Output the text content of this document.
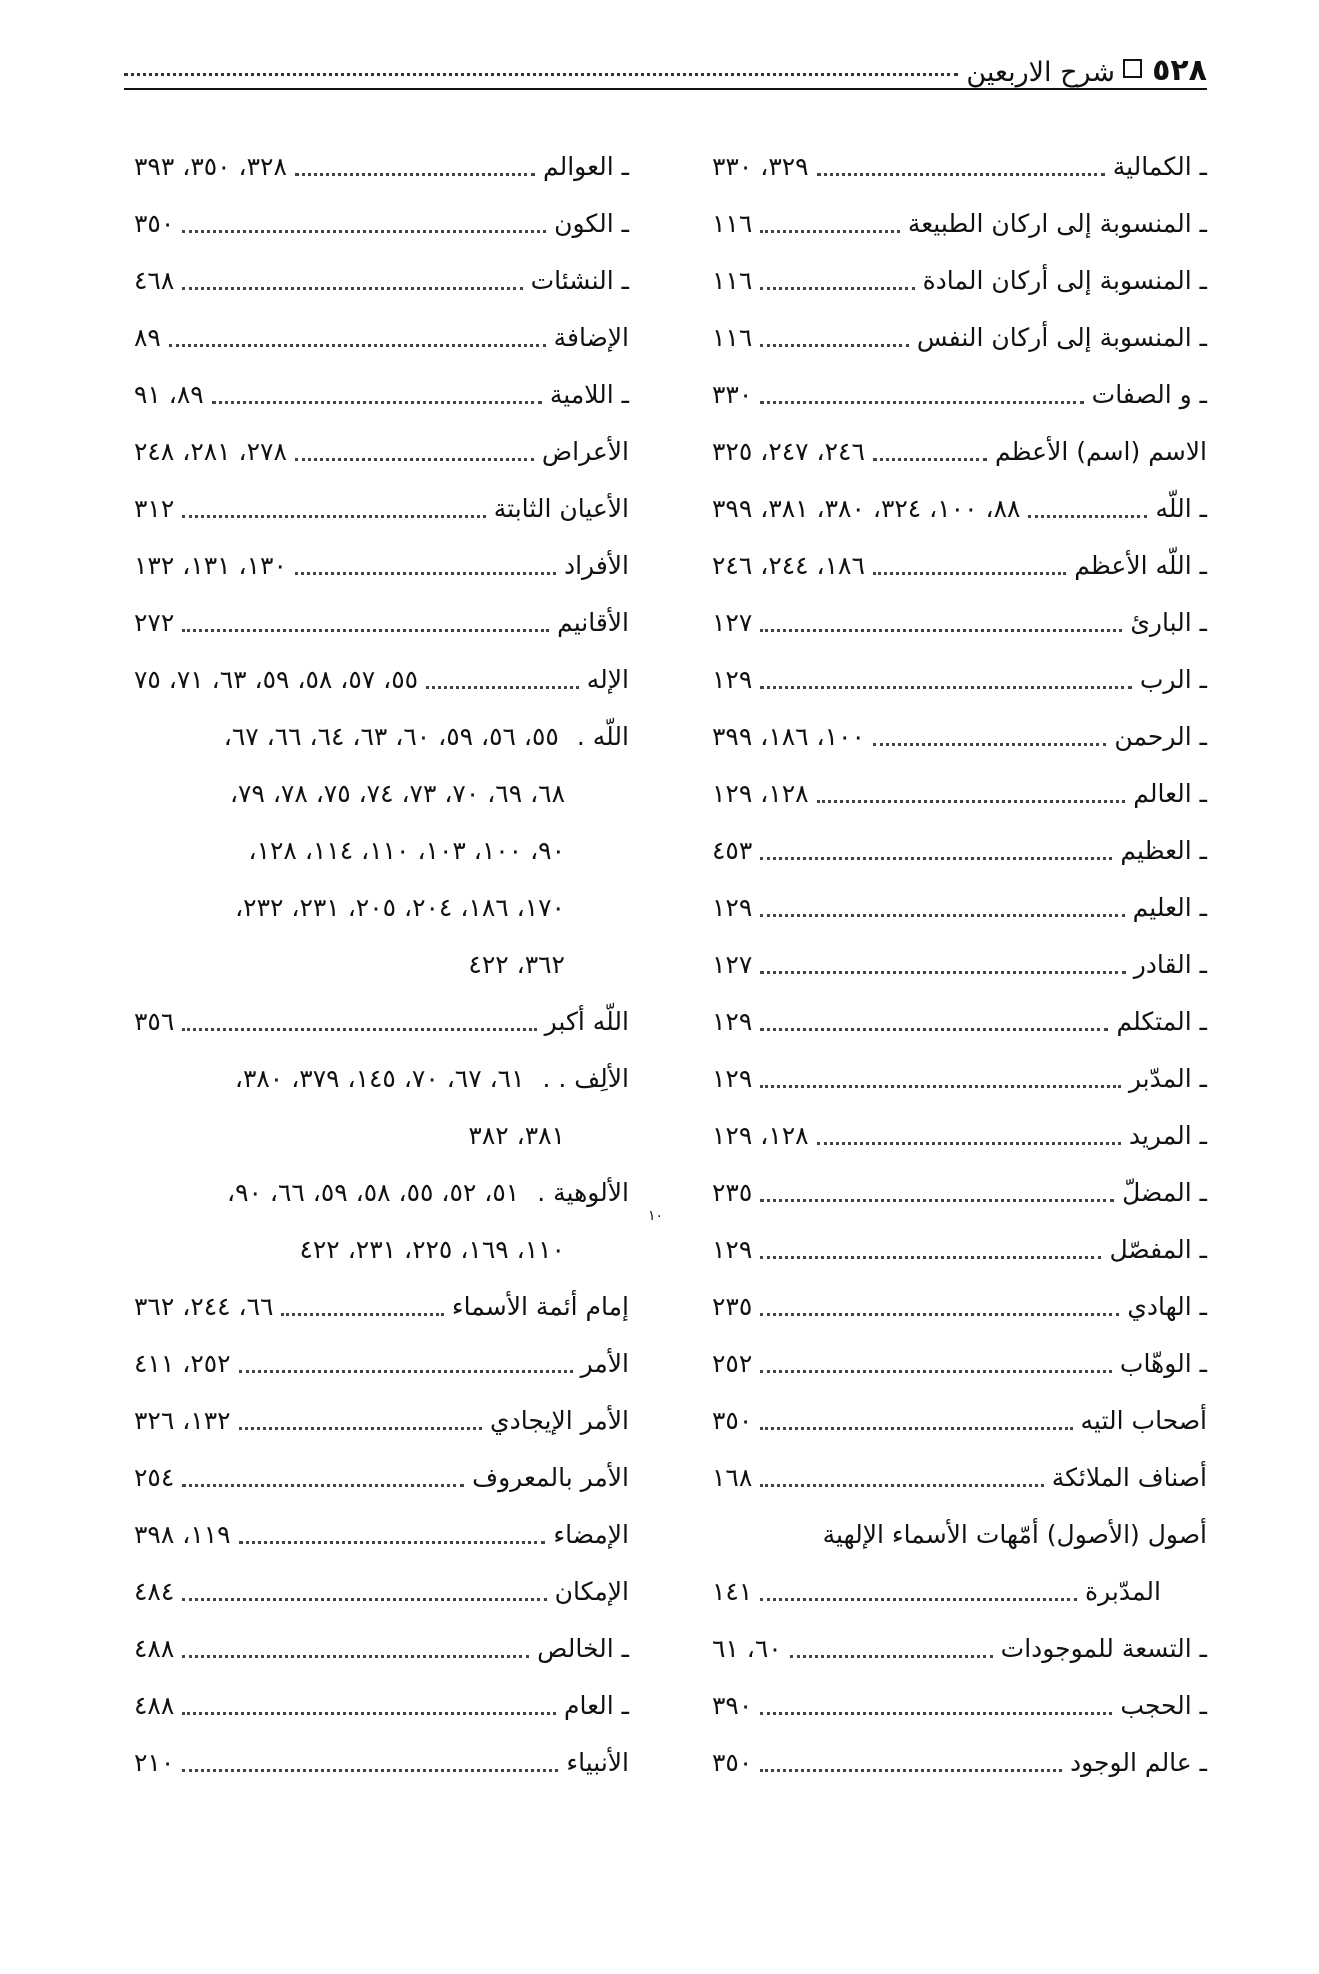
٥٢٨
شرح الاربعين
ـ الكمالية
٣٢٩، ٣٣٠
ـ المنسوبة إلى اركان الطبيعة
١١٦
ـ المنسوبة إلى أركان المادة
١١٦
ـ المنسوبة إلى أركان النفس
١١٦
ـ و الصفات
٣٣٠
الاسم (اسم) الأعظم
٢٤٦، ٢٤٧، ٣٢٥
ـ اللّه
٨٨، ١٠٠، ٣٢٤، ٣٨٠، ٣٨١، ٣٩٩
ـ اللّه الأعظم
١٨٦، ٢٤٤، ٢٤٦
ـ البارئ
١٢٧
ـ الرب
١٢٩
ـ الرحمن
١٠٠، ١٨٦، ٣٩٩
ـ العالم
١٢٨، ١٢٩
ـ العظيم
٤٥٣
ـ العليم
١٢٩
ـ القادر
١٢٧
ـ المتكلم
١٢٩
ـ المدّبر
١٢٩
ـ المريد
١٢٨، ١٢٩
ـ المضلّ
٢٣٥
ـ المفصّل
١٢٩
ـ الهادي
٢٣٥
ـ الوهّاب
٢٥٢
أصحاب التيه
٣٥٠
أصناف الملائكة
١٦٨
أصول (الأصول) أمّهات الأسماء الإلهية
المدّبرة
١٤١
ـ التسعة للموجودات
٦٠، ٦١
ـ الحجب
٣٩٠
ـ عالم الوجود
٣٥٠
ـ العوالم
٣٢٨، ٣٥٠، ٣٩٣
ـ الكون
٣٥٠
ـ النشئات
٤٦٨
الإضافة
٨٩
ـ اللامية
٨٩، ٩١
الأعراض
٢٧٨، ٢٨١، ٢٤٨
الأعيان الثابتة
٣١٢
الأفراد
١٣٠، ١٣١، ١٣٢
الأقانيم
٢٧٢
الإله
٥٥، ٥٧، ٥٨، ٥٩، ٦٣، ٧١، ٧٥
اللّه .
٥٥، ٥٦، ٥٩، ٦٠، ٦٣، ٦٤، ٦٦، ٦٧،
٦٨، ٦٩، ٧٠، ٧٣، ٧٤، ٧٥، ٧٨، ٧٩،
٩٠، ١٠٠، ١٠٣، ١١٠، ١١٤، ١٢٨،
١٧٠، ١٨٦، ٢٠٤، ٢٠٥، ٢٣١، ٢٣٢،
٣٦٢، ٤٢٢
اللّه أكبر
٣٥٦
الألِف . .
٦١، ٦٧، ٧٠، ١٤٥، ٣٧٩، ٣٨٠،
٣٨١، ٣٨٢
الألوهية .
٥١، ٥٢، ٥٥، ٥٨، ٥٩، ٦٦، ٩٠،
١١٠، ١٦٩، ٢٢٥، ٢٣١، ٤٢٢
إمام أئمة الأسماء
٦٦، ٢٤٤، ٣٦٢
الأمر
٢٥٢، ٤١١
الأمر الإيجادي
١٣٢، ٣٢٦
الأمر بالمعروف
٢٥٤
الإمضاء
١١٩، ٣٩٨
الإمكان
٤٨٤
ـ الخالص
٤٨٨
ـ العام
٤٨٨
الأنبياء
٢١٠
١٠
